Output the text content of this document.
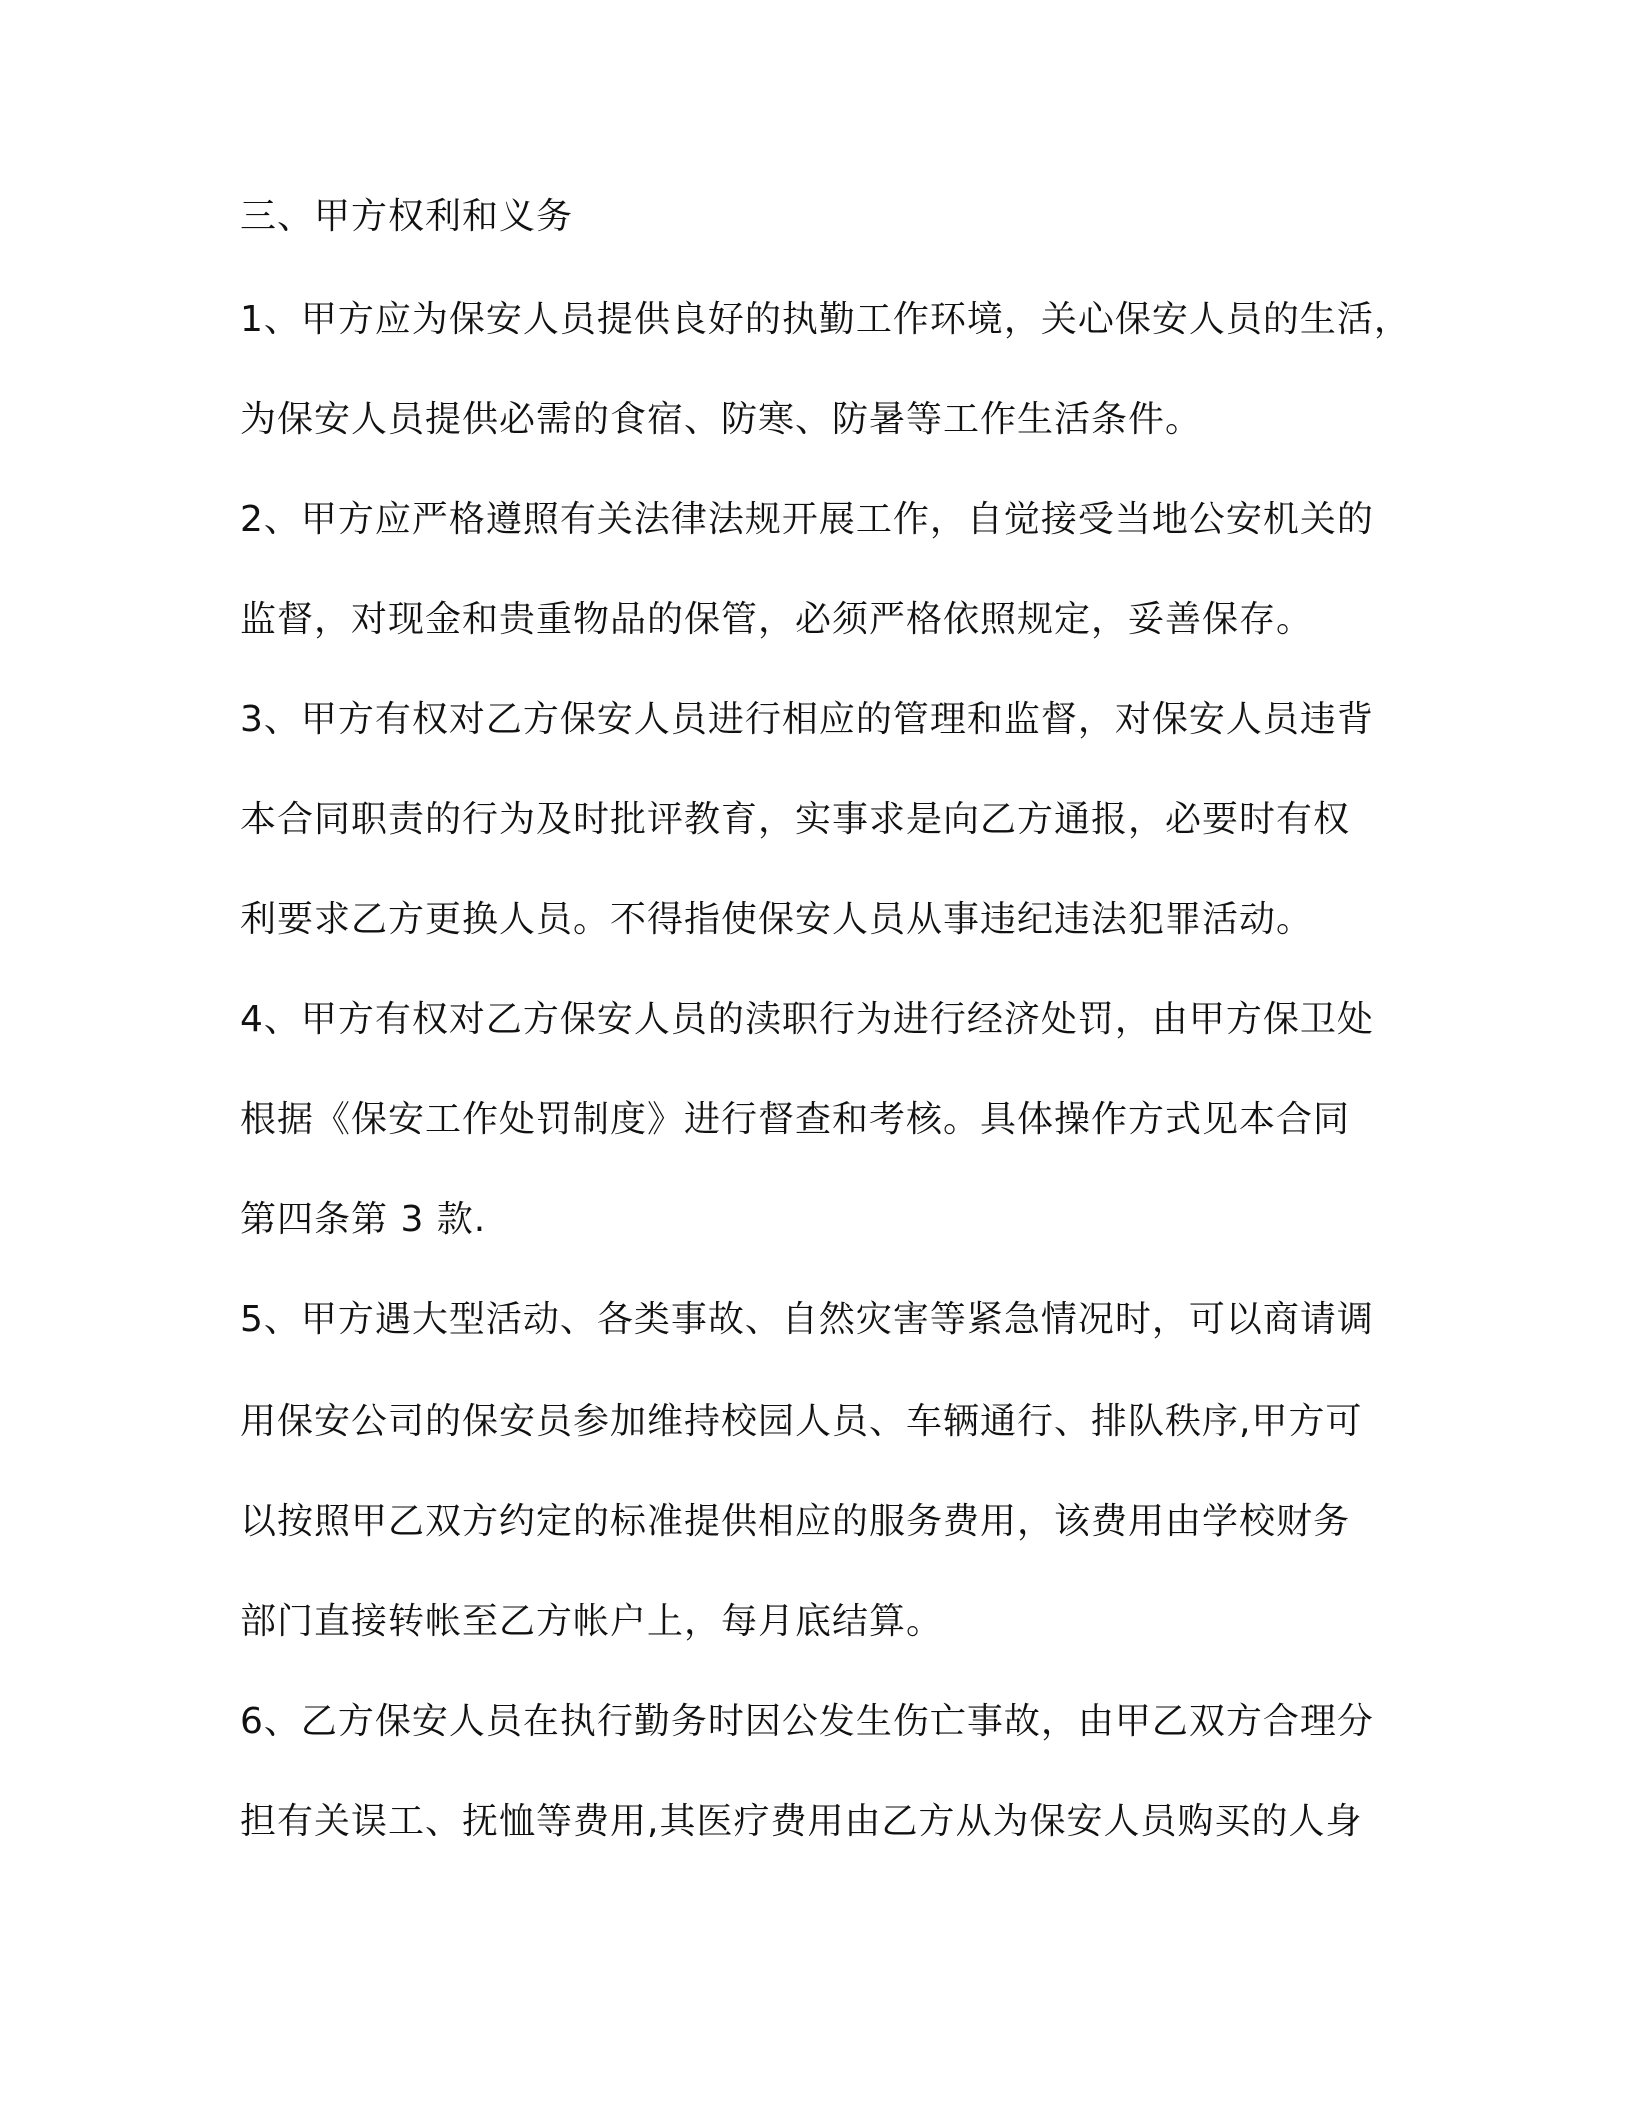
三、甲方权利和义务
1、甲方应为保安人员提供良好的执勤工作环境，关心保安人员的生活，
为保安人员提供必需的食宿、防寒、防暑等工作生活条件。
2、甲方应严格遵照有关法律法规开展工作，自觉接受当地公安机关的
监督，对现金和贵重物品的保管，必须严格依照规定，妥善保存。
3、甲方有权对乙方保安人员进行相应的管理和监督，对保安人员违背
本合同职责的行为及时批评教育，实事求是向乙方通报，必要时有权
利要求乙方更换人员。不得指使保安人员从事违纪违法犯罪活动。
4、甲方有权对乙方保安人员的渎职行为进行经济处罚，由甲方保卫处
根据《保安工作处罚制度》进行督查和考核。具体操作方式见本合同
第四条第 3 款.
5、甲方遇大型活动、各类事故、自然灾害等紧急情况时，可以商请调
用保安公司的保安员参加维持校园人员、车辆通行、排队秩序,甲方可
以按照甲乙双方约定的标准提供相应的服务费用，该费用由学校财务
部门直接转帐至乙方帐户上，每月底结算。
6、乙方保安人员在执行勤务时因公发生伤亡事故，由甲乙双方合理分
担有关误工、抚恤等费用,其医疗费用由乙方从为保安人员购买的人身
